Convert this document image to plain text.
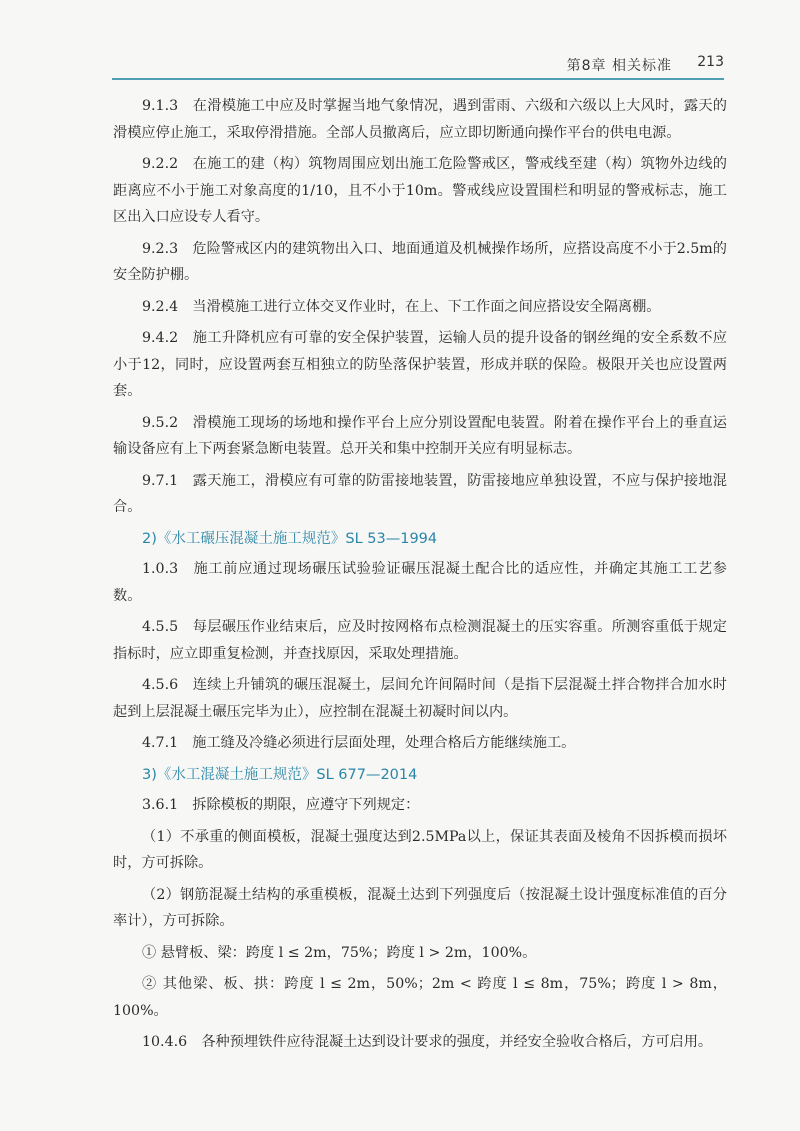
第8章 相关标准 213

9.1.3　在滑模施工中应及时掌握当地气象情况，遇到雷雨、六级和六级以上大风时，露天的滑模应停止施工，采取停滑措施。全部人员撤离后，应立即切断通向操作平台的供电电源。

9.2.2　在施工的建（构）筑物周围应划出施工危险警戒区，警戒线至建（构）筑物外边线的距离应不小于施工对象高度的1/10，且不小于10m。警戒线应设置围栏和明显的警戒标志，施工区出入口应设专人看守。

9.2.3　危险警戒区内的建筑物出入口、地面通道及机械操作场所，应搭设高度不小于2.5m的安全防护棚。

9.2.4　当滑模施工进行立体交叉作业时，在上、下工作面之间应搭设安全隔离棚。

9.4.2　施工升降机应有可靠的安全保护装置，运输人员的提升设备的钢丝绳的安全系数不应小于12，同时，应设置两套互相独立的防坠落保护装置，形成并联的保险。极限开关也应设置两套。

9.5.2　滑模施工现场的场地和操作平台上应分别设置配电装置。附着在操作平台上的垂直运输设备应有上下两套紧急断电装置。总开关和集中控制开关应有明显标志。

9.7.1　露天施工，滑模应有可靠的防雷接地装置，防雷接地应单独设置，不应与保护接地混合。

2)《水工碾压混凝土施工规范》SL 53—1994

1.0.3　施工前应通过现场碾压试验验证碾压混凝土配合比的适应性，并确定其施工工艺参数。

4.5.5　每层碾压作业结束后，应及时按网格布点检测混凝土的压实容重。所测容重低于规定指标时，应立即重复检测，并查找原因，采取处理措施。

4.5.6　连续上升铺筑的碾压混凝土，层间允许间隔时间（是指下层混凝土拌合物拌合加水时起到上层混凝土碾压完毕为止），应控制在混凝土初凝时间以内。

4.7.1　施工缝及冷缝必须进行层面处理，处理合格后方能继续施工。

3)《水工混凝土施工规范》SL 677—2014

3.6.1　拆除模板的期限，应遵守下列规定：

（1）不承重的侧面模板，混凝土强度达到2.5MPa以上，保证其表面及棱角不因拆模而损坏时，方可拆除。

（2）钢筋混凝土结构的承重模板，混凝土达到下列强度后（按混凝土设计强度标准值的百分率计），方可拆除。

① 悬臂板、梁：跨度 l ≤ 2m，75%；跨度 l > 2m，100%。

② 其他梁、板、拱：跨度 l ≤ 2m，50%；2m < 跨度 l ≤ 8m，75%；跨度 l > 8m，100%。

10.4.6　各种预埋铁件应待混凝土达到设计要求的强度，并经安全验收合格后，方可启用。
